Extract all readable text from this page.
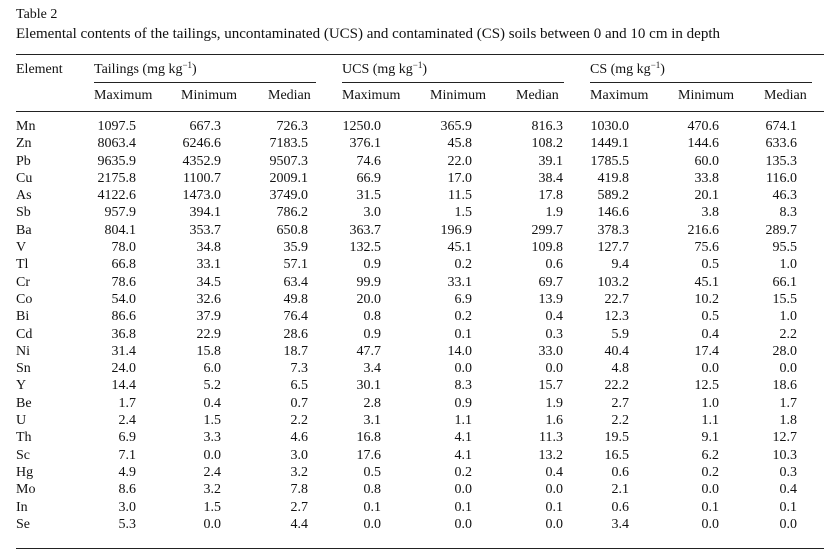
Table 2
Elemental contents of the tailings, uncontaminated (UCS) and contaminated (CS) soils between 0 and 10 cm in depth
Element Tailings (mg $kg^{-1}$)	UCS (mg $kg^{-1}$)	CS (mg $kg^{-1}$)
Maximum Minimum Median Maximum Minimum Median Maximum Minimum Median
Mn	1097.5	667.3	726.3	1250.0	365.9	816.3	1030.0	470.6	674.1
Zn	8063.4	6246.6	7183.5	376.1	45.8	108.2	1449.1	144.6	633.6
Pb	9635.9	4352.9	9507.3	74.6	22.0	39.1	1785.5	60.0	135.3
Cu	2175.8	1100.7	2009.1	66.9	17.0	38.4	419.8	33.8	116.0
As	4122.6	1473.0	3749.0	31.5	11.5	17.8	589.2	20.1	46.3
Sb	957.9	394.1	786.2	3.0	1.5	1.9	146.6	3.8	8.3
Ba	804.1	353.7	650.8	363.7	196.9	299.7	378.3	216.6	289.7
V	78.0	34.8	35.9	132.5	45.1	109.8	127.7	75.6	95.5
Tl	66.8	33.1	57.1	0.9	0.2	0.6	9.4	0.5	1.0
Cr	78.6	34.5	63.4	99.9	33.1	69.7	103.2	45.1	66.1
Co	54.0	32.6	49.8	20.0	6.9	13.9	22.7	10.2	15.5
Bi	86.6	37.9	76.4	0.8	0.2	0.4	12.3	0.5	1.0
Cd	36.8	22.9	28.6	0.9	0.1	0.3	5.9	0.4	2.2
Ni	31.4	15.8	18.7	47.7	14.0	33.0	40.4	17.4	28.0
Sn	24.0	6.0	7.3	3.4	0.0	0.0	4.8	0.0	0.0
Y	14.4	5.2	6.5	30.1	8.3	15.7	22.2	12.5	18.6
Be	1.7	0.4	0.7	2.8	0.9	1.9	2.7	1.0	1.7
U	2.4	1.5	2.2	3.1	1.1	1.6	2.2	1.1	1.8
Th	6.9	3.3	4.6	16.8	4.1	11.3	19.5	9.1	12.7
Sc	7.1	0.0	3.0	17.6	4.1	13.2	16.5	6.2	10.3
Hg	4.9	2.4	3.2	0.5	0.2	0.4	0.6	0.2	0.3
Mo	8.6	3.2	7.8	0.8	0.0	0.0	2.1	0.0	0.4
In	3.0	1.5	2.7	0.1	0.1	0.1	0.6	0.1	0.1
Se	5.3	0.0	4.4	0.0	0.0	0.0	3.4	0.0	0.0
